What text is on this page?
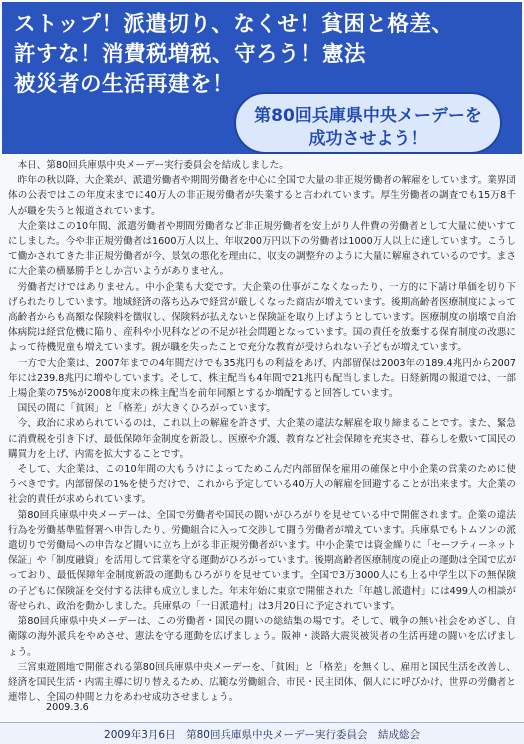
ストップ！派遣切り、なくせ！貧困と格差、
許すな！消費税増税、守ろう！憲法
被災者の生活再建を！
第80回兵庫県中央メーデーを
成功させよう！

本日、第80回兵庫県中央メーデー実行委員会を結成しました。

昨年の秋以降、大企業が、派遣労働者や期間労働者を中心に全国で大量の非正規労働者の解雇をしています。業界団体の公表ではこの年度末までに40万人の非正規労働者が失業すると言われています。厚生労働者の調査でも15万8千人が職を失うと報道されています。

大企業はこの10年間、派遣労働者や期間労働者など非正規労働者を安上がり人件費の労働者として大量に使いすてにしました。今や非正規労働者は1600万人以上、年収200万円以下の労働者は1000万人以上に達しています。こうして働かされてきた非正規労働者が今、景気の悪化を理由に、収支の調整弁のように大量に解雇されているのです。まさに大企業の横暴勝手としか言いようがありません。

労働者だけではありません。中小企業も大変です。大企業の仕事がこなくなったり、一方的に下請け単価を切り下げられたりしています。地域経済の落ち込みで経営が厳しくなった商店が増えています。後期高齢者医療制度によって高齢者からも高額な保険料を徴収し、保険料が払えないと保険証を取り上げようとしています。医療制度の崩壊で自治体病院は経営危機に陥り、産科や小児科などの不足が社会問題となっています。国の責任を放棄する保育制度の改悪によって待機児童も増えています。親が職を失ったことで充分な教育が受けられない子どもが増えています。

一方で大企業は、2007年までの4年間だけでも35兆円もの利益をあげ、内部留保は2003年の189.4兆円から2007年には239.8兆円に増やしています。そして、株主配当も4年間で21兆円も配当しました。日経新聞の報道では、一部上場企業の75%が2008年度末の株主配当を前年同額とするか増配すると回答しています。

国民の間に「貧困」と「格差」が大きくひろがっています。

今、政治に求められているのは、これ以上の解雇を許さず、大企業の違法な解雇を取り締まることです。また、緊急に消費税を引き下げ、最低保障年金制度を新設し、医療や介護、教育など社会保障を充実させ、暮らしを敷いて国民の購買力を上げ、内需を拡大することです。

そして、大企業は、この10年間の大もうけによってためこんだ内部留保を雇用の確保と中小企業の営業のために使うべきです。内部留保の1%を使うだけで、これから予定している40万人の解雇を回避することが出来ます。大企業の社会的責任が求められています。

第80回兵庫県中央メーデーは、全国で労働者や国民の闘いがひろがりを見せている中で開催されます。企業の違法行為を労働基準監督署へ申告したり、労働組合に入って交渉して闘う労働者が増えています。兵庫県でもトムソンの派遣切りで労働局への申告など闘いに立ち上がる非正規労働者がいます。中小企業では資金繰りに「セーフティーネット保証」や「制度融資」を活用して営業を守る運動がひろがっています。後期高齢者医療制度の廃止の運動は全国で広がっており、最低保障年金制度新設の運動もひろがりを見せています。全国で3万3000人にも上る中学生以下の無保険の子どもに保険証を交付する法律も成立しました。年末年始に東京で開催された「年越し派遣村」には499人の相談が寄せられ、政治を動かしました。兵庫県の「一日派遣村」は3月20日に予定されています。

第80回兵庫県中央メーデーは、この労働者・国民の闘いの総結集の場です。そして、戦争の無い社会をめざし、自衛隊の海外派兵をやめさせ、憲法を守る運動を広げましょう。阪神・淡路大震災被災者の生活再建の闘いを広げましょう。

三宮東遊園地で開催される第80回兵庫県中央メーデーを、「貧困」と「格差」を無くし、雇用と国民生活を改善し、経済を国民生活・内需主導に切り替えるため、広範な労働組合、市民・民主団体、個人にに呼びかけ、世界の労働者と連帯し、全国の仲間と力をあわせ成功させましょう。

2009.3.6
2009年3月6日　第80回兵庫県中央メーデー実行委員会　結成総会
